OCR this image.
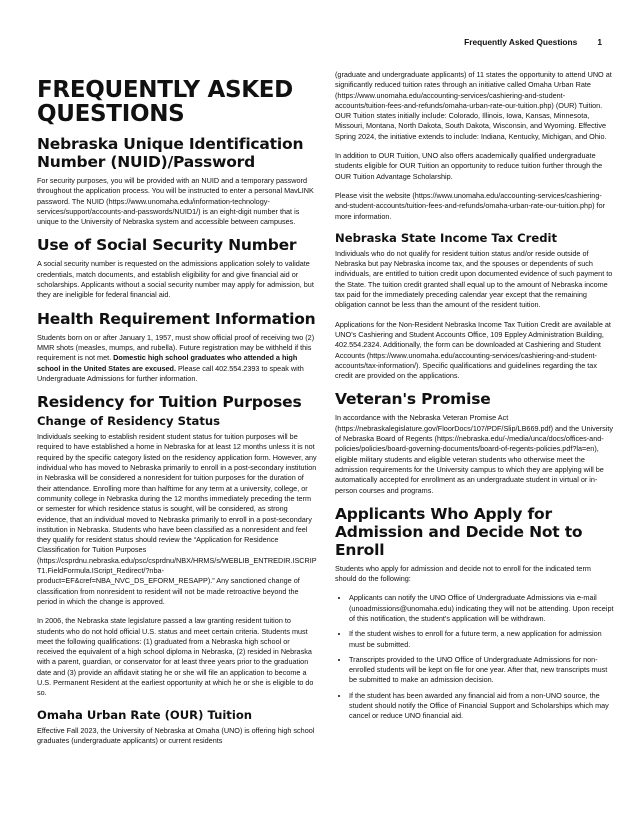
Frequently Asked Questions 1
FREQUENTLY ASKED QUESTIONS
Nebraska Unique Identification Number (NUID)/Password

For security purposes, you will be provided with an NUID and a temporary password throughout the application process. You will be instructed to enter a personal MavLINK password. The NUID (https://www.unomaha.edu/information-technology-services/support/accounts-and-passwords/NUID1/) is an eight-digit number that is unique to the University of Nebraska system and accessible between campuses.

Use of Social Security Number

A social security number is requested on the admissions application solely to validate credentials, match documents, and establish eligibility for and give financial aid or scholarships. Applicants without a social security number may apply for admission, but they are ineligible for federal financial aid.

Health Requirement Information

Students born on or after January 1, 1957, must show official proof of receiving two (2) MMR shots (measles, mumps, and rubella). Future registration may be withheld if this requirement is not met. Domestic high school graduates who attended a high school in the United States are excused. Please call 402.554.2393 to speak with Undergraduate Admissions for further information.

Residency for Tuition Purposes
Change of Residency Status

Individuals seeking to establish resident student status for tuition purposes will be required to have established a home in Nebraska for at least 12 months unless it is not required by the specific category listed on the residency application form. However, any individual who has moved to Nebraska primarily to enroll in a post-secondary institution in Nebraska will be considered a nonresident for tuition purposes for the duration of their attendance. Enrolling more than halftime for any term at a university, college, or community college in Nebraska during the 12 months immediately preceding the term or semester for which residence status is sought, will be considered, as strong evidence, that an individual moved to Nebraska primarily to enroll in a post-secondary institution in Nebraska. Students who have been classified as a nonresident and feel they qualify for resident status should review the “Application for Residence Classification for Tuition Purposes (https://csprdnu.nebraska.edu/psc/csprdnu/NBX/HRMS/s/WEBLIB_ENTREDIR.ISCRIPT1.FieldFormula.IScript_Redirect/?nba-product=EF&cref=NBA_NVC_DS_EFORM_RESAPP).” Any sanctioned change of classification from nonresident to resident will not be made retroactive beyond the period in which the change is approved.

In 2006, the Nebraska state legislature passed a law granting resident tuition to students who do not hold official U.S. status and meet certain criteria. Students must meet the following qualifications: (1) graduated from a Nebraska high school or received the equivalent of a high school diploma in Nebraska, (2) resided in Nebraska with a parent, guardian, or conservator for at least three years prior to the graduation date and (3) provide an affidavit stating he or she will file an application to become a U.S. Permanent Resident at the earliest opportunity at which he or she is eligible to do so.

Omaha Urban Rate (OUR) Tuition

Effective Fall 2023, the University of Nebraska at Omaha (UNO) is offering high school graduates (undergraduate applicants) or current residents

(graduate and undergraduate applicants) of 11 states the opportunity to attend UNO at significantly reduced tuition rates through an initiative called Omaha Urban Rate (https://www.unomaha.edu/accounting-services/cashiering-and-student-accounts/tuition-fees-and-refunds/omaha-urban-rate-our-tuition.php) (OUR) Tuition. OUR Tuition states initially include: Colorado, Illinois, Iowa, Kansas, Minnesota, Missouri, Montana, North Dakota, South Dakota, Wisconsin, and Wyoming. Effective Spring 2024, the initiative extends to include: Indiana, Kentucky, Michigan, and Ohio.

In addition to OUR Tuition, UNO also offers academically qualified undergraduate students eligible for OUR Tuition an opportunity to reduce tuition further through the OUR Tuition Advantage Scholarship.

Please visit the website (https://www.unomaha.edu/accounting-services/cashiering-and-student-accounts/tuition-fees-and-refunds/omaha-urban-rate-our-tuition.php) for more information.

Nebraska State Income Tax Credit

Individuals who do not qualify for resident tuition status and/or reside outside of Nebraska but pay Nebraska income tax, and the spouses or dependents of such individuals, are entitled to tuition credit upon documented evidence of such payment to the State. The tuition credit granted shall equal up to the amount of Nebraska income tax paid for the immediately preceding calendar year except that the remaining obligation cannot be less than the amount of the resident tuition.

Applications for the Non-Resident Nebraska Income Tax Tuition Credit are available at UNO’s Cashiering and Student Accounts Office, 109 Eppley Administration Building, 402.554.2324. Additionally, the form can be downloaded at Cashiering and Student Accounts (https://www.unomaha.edu/accounting-services/cashiering-and-student-accounts/tax-information/). Specific qualifications and guidelines regarding the tax credit are provided on the applications.

Veteran's Promise

In accordance with the Nebraska Veteran Promise Act (https://nebraskalegislature.gov/FloorDocs/107/PDF/Slip/LB669.pdf) and the University of Nebraska Board of Regents (https://nebraska.edu/-/media/unca/docs/offices-and-policies/policies/board-governing-documents/board-of-regents-policies.pdf?la=en), eligible military students and eligible veteran students who otherwise meet the admission requirements for the University campus to which they are applying will be automatically accepted for enrollment as an undergraduate student in virtual or in-person courses and programs.

Applicants Who Apply for Admission and Decide Not to Enroll

Students who apply for admission and decide not to enroll for the indicated term should do the following:

• Applicants can notify the UNO Office of Undergraduate Admissions via e-mail (unoadmissions@unomaha.edu) indicating they will not be attending. Upon receipt of this notification, the student’s application will be withdrawn.
• If the student wishes to enroll for a future term, a new application for admission must be submitted.
• Transcripts provided to the UNO Office of Undergraduate Admissions for non-enrolled students will be kept on file for one year. After that, new transcripts must be submitted to make an admission decision.
• If the student has been awarded any financial aid from a non-UNO source, the student should notify the Office of Financial Support and Scholarships which may cancel or reduce UNO financial aid.
